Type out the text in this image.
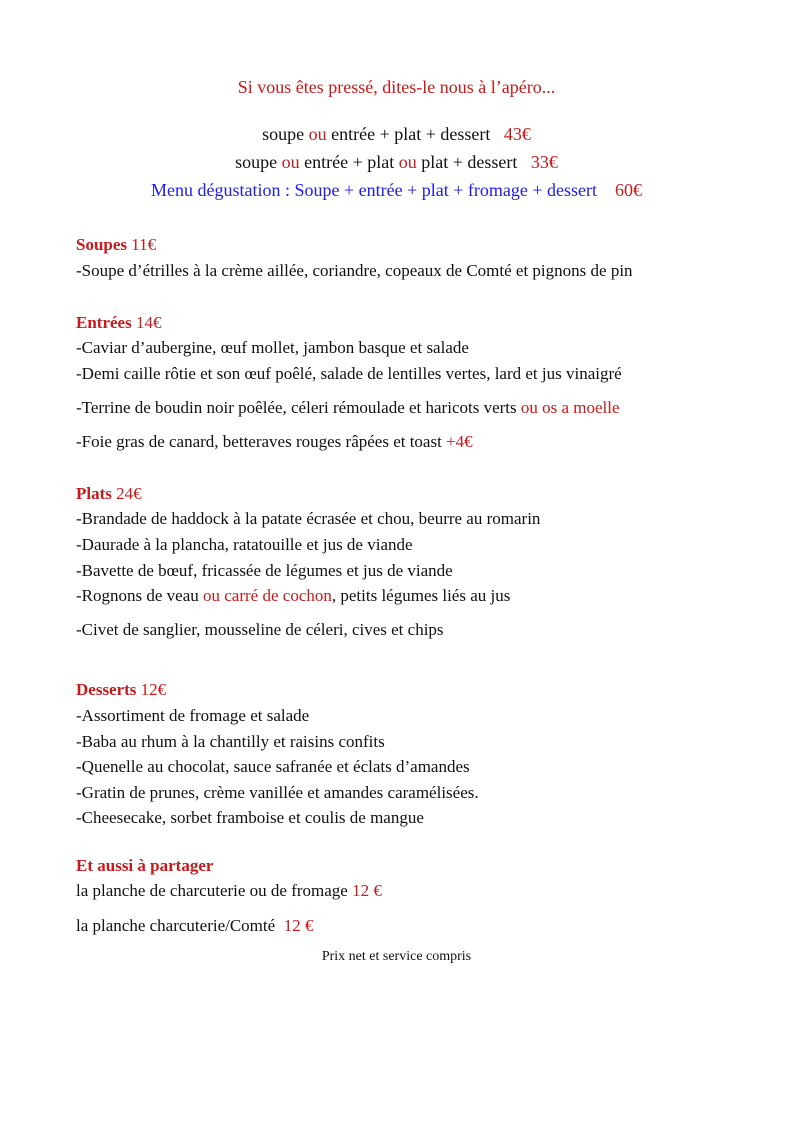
Si vous êtes pressé, dites-le nous à l’apéro...
soupe ou entrée + plat + dessert 43€
soupe ou entrée + plat ou plat + dessert 33€
Menu dégustation : Soupe + entrée + plat + fromage + dessert 60€
Soupes 11€
-Soupe d’étrilles à la crème aillée, coriandre, copeaux de Comté et pignons de pin
Entrées 14€
-Caviar d’aubergine, œuf mollet, jambon basque et salade
-Demi caille rôtie et son œuf poêlé, salade de lentilles vertes, lard et jus vinaigré
-Terrine de boudin noir poêlée, céleri rémoulade et haricots verts ou os a moelle
-Foie gras de canard, betteraves rouges râpées et toast +4€
Plats 24€
-Brandade de haddock à la patate écrasée et chou, beurre au romarin
-Daurade à la plancha, ratatouille et jus de viande
-Bavette de bœuf, fricassée de légumes et jus de viande
-Rognons de veau ou carré de cochon, petits légumes liés au jus
-Civet de sanglier, mousseline de céleri, cives et chips
Desserts 12€
-Assortiment de fromage et salade
-Baba au rhum à la chantilly et raisins confits
-Quenelle au chocolat, sauce safranée et éclats d’amandes
-Gratin de prunes, crème vanillée et amandes caramélisées.
-Cheesecake, sorbet framboise et coulis de mangue
Et aussi à partager
la planche de charcuterie ou de fromage 12 €
la planche charcuterie/Comté  12 €
Prix net et service compris
